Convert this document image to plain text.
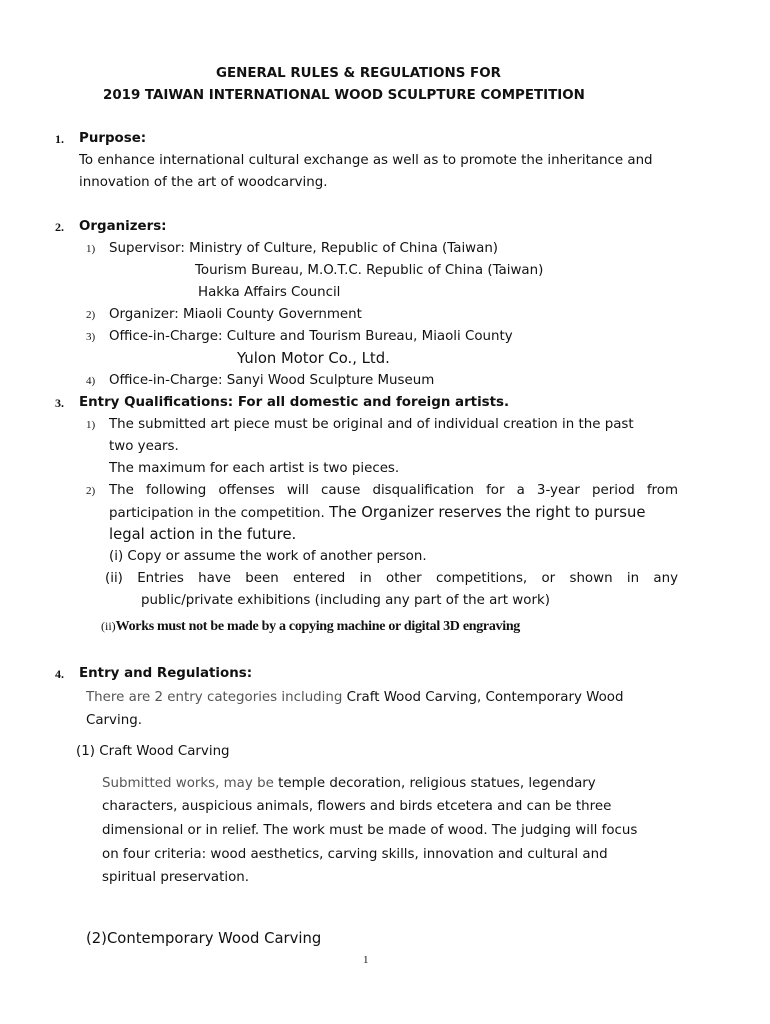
GENERAL RULES & REGULATIONS FOR
2019 TAIWAN INTERNATIONAL WOOD SCULPTURE COMPETITION
1. Purpose:
To enhance international cultural exchange as well as to promote the inheritance and
innovation of the art of woodcarving.
2. Organizers:
1) Supervisor: Ministry of Culture, Republic of China (Taiwan)
Tourism Bureau, M.O.T.C. Republic of China (Taiwan)
Hakka Affairs Council
2) Organizer: Miaoli County Government
3) Office-in-Charge: Culture and Tourism Bureau, Miaoli County
Yulon Motor Co., Ltd.
4) Office-in-Charge: Sanyi Wood Sculpture Museum
3. Entry Qualifications: For all domestic and foreign artists.
1) The submitted art piece must be original and of individual creation in the past
two years.
The maximum for each artist is two pieces.
2) The following offenses will cause disqualification for a 3-year period from
participation in the competition. The Organizer reserves the right to pursue
legal action in the future.
(i) Copy or assume the work of another person.
(ii) Entries have been entered in other competitions, or shown in any
public/private exhibitions (including any part of the art work)
(ii)Works must not be made by a copying machine or digital 3D engraving
4. Entry and Regulations:
There are 2 entry categories including Craft Wood Carving, Contemporary Wood
Carving.
(1) Craft Wood Carving
Submitted works, may be temple decoration, religious statues, legendary
characters, auspicious animals, flowers and birds etcetera and can be three
dimensional or in relief. The work must be made of wood. The judging will focus
on four criteria: wood aesthetics, carving skills, innovation and cultural and
spiritual preservation.
(2)Contemporary Wood Carving
1
